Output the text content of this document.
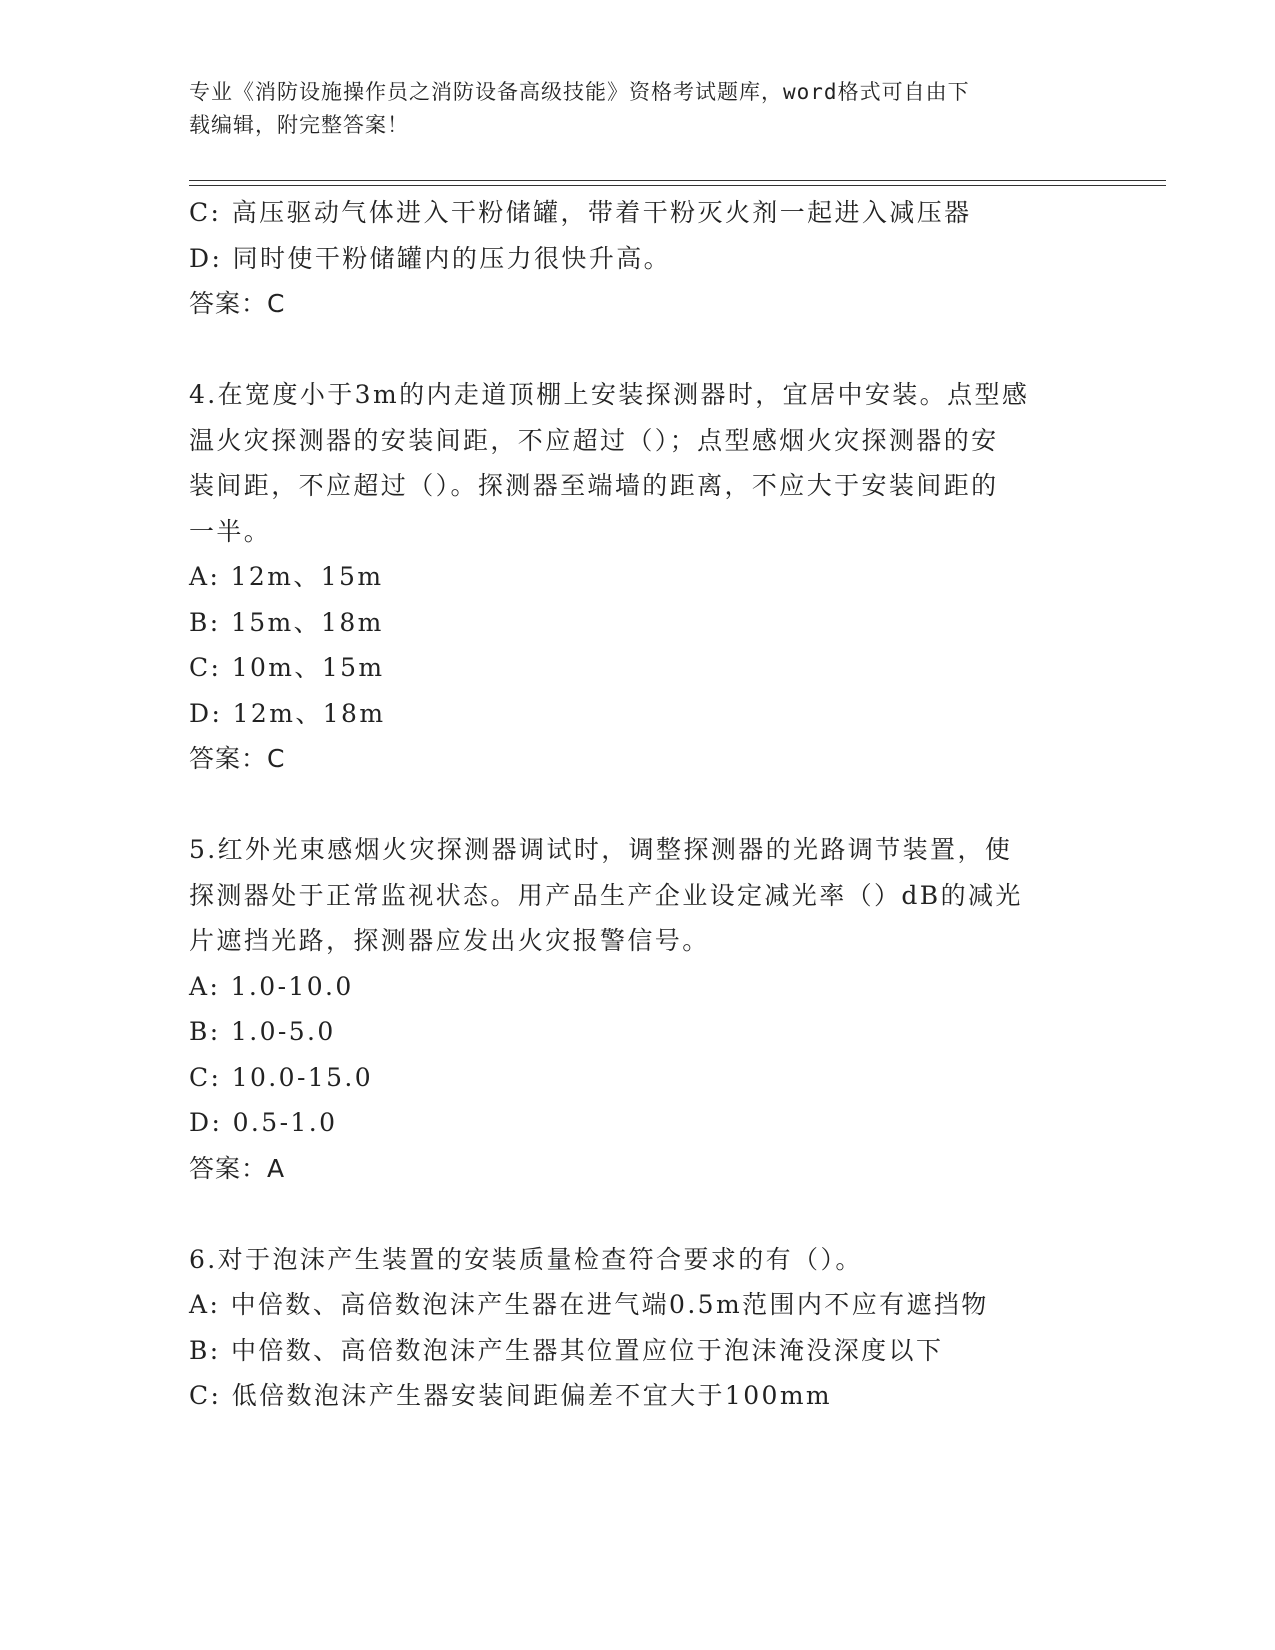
专业《消防设施操作员之消防设备高级技能》资格考试题库，word格式可自由下
载编辑，附完整答案！
C: 高压驱动气体进入干粉储罐，带着干粉灭火剂一起进入减压器
D: 同时使干粉储罐内的压力很快升高。
答案：C
4.在宽度小于3m的内走道顶棚上安装探测器时，宜居中安装。点型感
温火灾探测器的安装间距，不应超过（）；点型感烟火灾探测器的安
装间距，不应超过（）。探测器至端墙的距离，不应大于安装间距的
一半。
A: 12m、15m
B: 15m、18m
C: 10m、15m
D: 12m、18m
答案：C
5.红外光束感烟火灾探测器调试时，调整探测器的光路调节装置，使
探测器处于正常监视状态。用产品生产企业设定减光率（）dB的减光
片遮挡光路，探测器应发出火灾报警信号。
A: 1.0-10.0
B: 1.0-5.0
C: 10.0-15.0
D: 0.5-1.0
答案：A
6.对于泡沫产生装置的安装质量检查符合要求的有（）。
A: 中倍数、高倍数泡沫产生器在进气端0.5m范围内不应有遮挡物
B: 中倍数、高倍数泡沫产生器其位置应位于泡沫淹没深度以下
C: 低倍数泡沫产生器安装间距偏差不宜大于100mm
